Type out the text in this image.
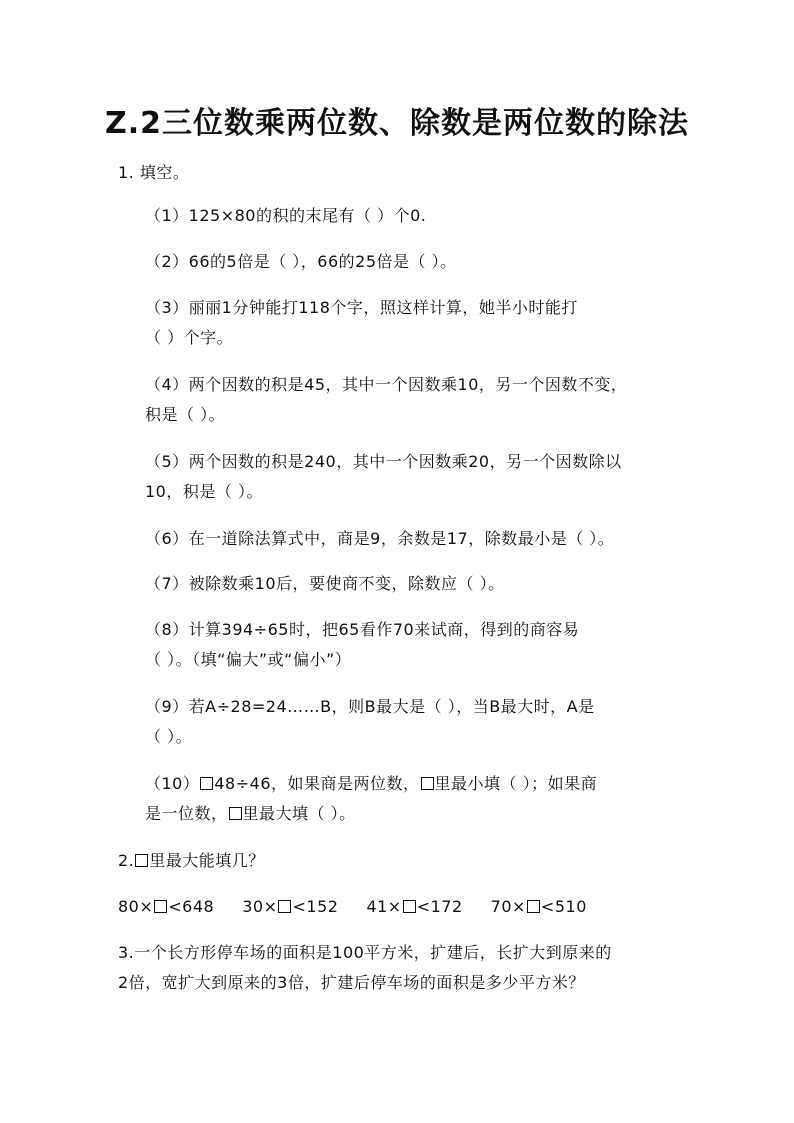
Z.2三位数乘两位数、除数是两位数的除法
1. 填空。
（1）125×80的积的末尾有（ ）个0.
（2）66的5倍是（ ），66的25倍是（ ）。
（3）丽丽1分钟能打118个字，照这样计算，她半小时能打
（ ）个字。
（4）两个因数的积是45，其中一个因数乘10，另一个因数不变，
积是（ ）。
（5）两个因数的积是240，其中一个因数乘20，另一个因数除以
10，积是（ ）。
（6）在一道除法算式中，商是9，余数是17，除数最小是（ ）。
（7）被除数乘10后，要使商不变，除数应（ ）。
（8）计算394÷65时，把65看作70来试商，得到的商容易
（ ）。（填“偏大”或“偏小”）
（9）若A÷28=24……B，则B最大是（ ），当B最大时，A是
（ ）。
（10） 48÷46，如果商是两位数， 里最小填（ ）；如果商
是一位数， 里最大填（ ）。
2. 里最大能填几？
80× <648 30× <152 41× <172 70× <510
3.一个长方形停车场的面积是100平方米，扩建后，长扩大到原来的
2倍，宽扩大到原来的3倍，扩建后停车场的面积是多少平方米？
